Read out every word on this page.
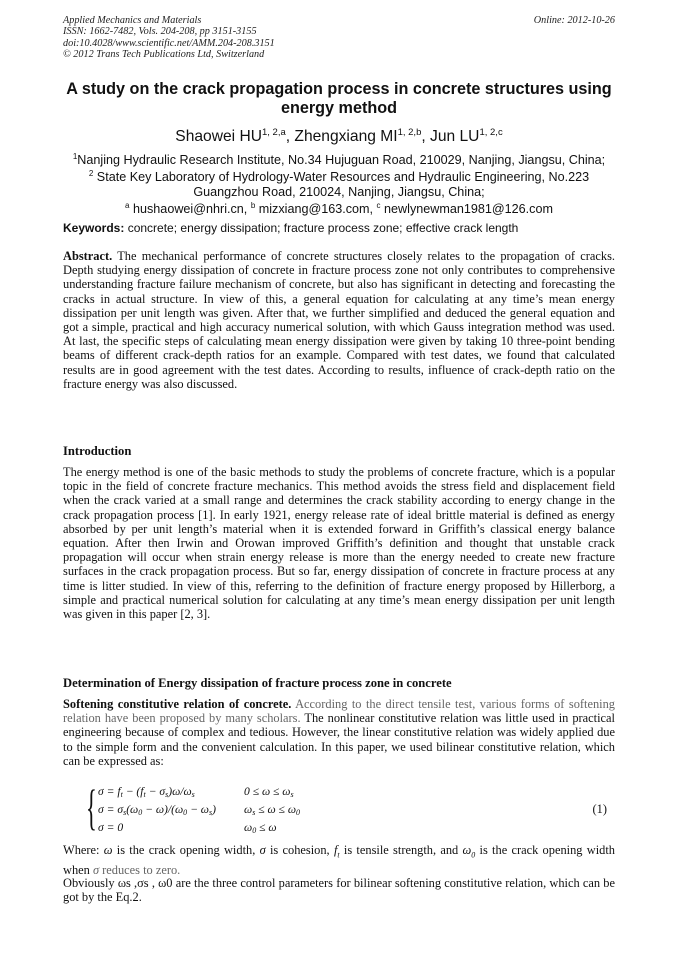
Applied Mechanics and Materials
ISSN: 1662-7482, Vols. 204-208, pp 3151-3155
doi:10.4028/www.scientific.net/AMM.204-208.3151
© 2012 Trans Tech Publications Ltd, Switzerland
Online: 2012-10-26
A study on the crack propagation process in concrete structures using
energy method
Shaowei HU$^{1, 2,a}$, Zhengxiang MI$^{1, 2,b}$, Jun LU$^{1, 2,c}$
$^1$Nanjing Hydraulic Research Institute, No.34 Hujuguan Road, 210029, Nanjing, Jiangsu, China;
$^2$ State Key Laboratory of Hydrology-Water Resources and Hydraulic Engineering, No.223
Guangzhou Road, 210024, Nanjing, Jiangsu, China;
$^a$ hushaowei@nhri.cn, $^b$ mizxiang@163.com, $^c$ newlynewman1981@126.com
Keywords: concrete; energy dissipation; fracture process zone; effective crack length
Abstract. The mechanical performance of concrete structures closely relates to the propagation of cracks. Depth studying energy dissipation of concrete in fracture process zone not only contributes to comprehensive understanding fracture failure mechanism of concrete, but also has significant in detecting and forecasting the cracks in actual structure. In view of this, a general equation for calculating at any time’s mean energy dissipation per unit length was given. After that, we further simplified and deduced the general equation and got a simple, practical and high accuracy numerical solution, with which Gauss integration method was used. At last, the specific steps of calculating mean energy dissipation were given by taking 10 three-point bending beams of different crack-depth ratios for an example. Compared with test dates, we found that calculated results are in good agreement with the test dates. According to results, influence of crack-depth ratio on the fracture energy was also discussed.
Introduction
The energy method is one of the basic methods to study the problems of concrete fracture, which is a popular topic in the field of concrete fracture mechanics. This method avoids the stress field and displacement field when the crack varied at a small range and determines the crack stability according to energy change in the crack propagation process [1]. In early 1921, energy release rate of ideal brittle material is defined as energy absorbed by per unit length’s material when it is extended forward in Griffith’s classical energy balance equation. After then Irwin and Orowan improved Griffith’s definition and thought that unstable crack propagation will occur when strain energy release is more than the energy needed to create new fracture surfaces in the crack propagation process. But so far, energy dissipation of concrete in fracture process at any time is litter studied. In view of this, referring to the definition of fracture energy proposed by Hillerborg, a simple and practical numerical solution for calculating at any time’s mean energy dissipation per unit length was given in this paper [2, 3].
Determination of Energy dissipation of fracture process zone in concrete
Softening constitutive relation of concrete. According to the direct tensile test, various forms of softening relation have been proposed by many scholars. The nonlinear constitutive relation was little used in practical engineering because of complex and tedious. However, the linear constitutive relation was widely applied due to the simple form and the convenient calculation. In this paper, we used bilinear constitutive relation, which can be expressed as:
{ $\sigma = f_t - (f_t - \sigma_s)\omega/\omega_s$	$0 \le \omega \le \omega_s$
$\sigma = \sigma_s(\omega_0 - \omega)/(\omega_0 - \omega_s) \omega_s \le \omega \le \omega_0$
σ = 0	$\omega_0 \le \omega$
(1)
Where: ω is the crack opening width, σ is cohesion, $f_t$ is tensile strength, and $\omega_0$ is the crack opening width when σ reduces to zero.
Obviously ωs ,σs , ω0 are the three control parameters for bilinear softening constitutive relation, which can be got by the Eq.2.
